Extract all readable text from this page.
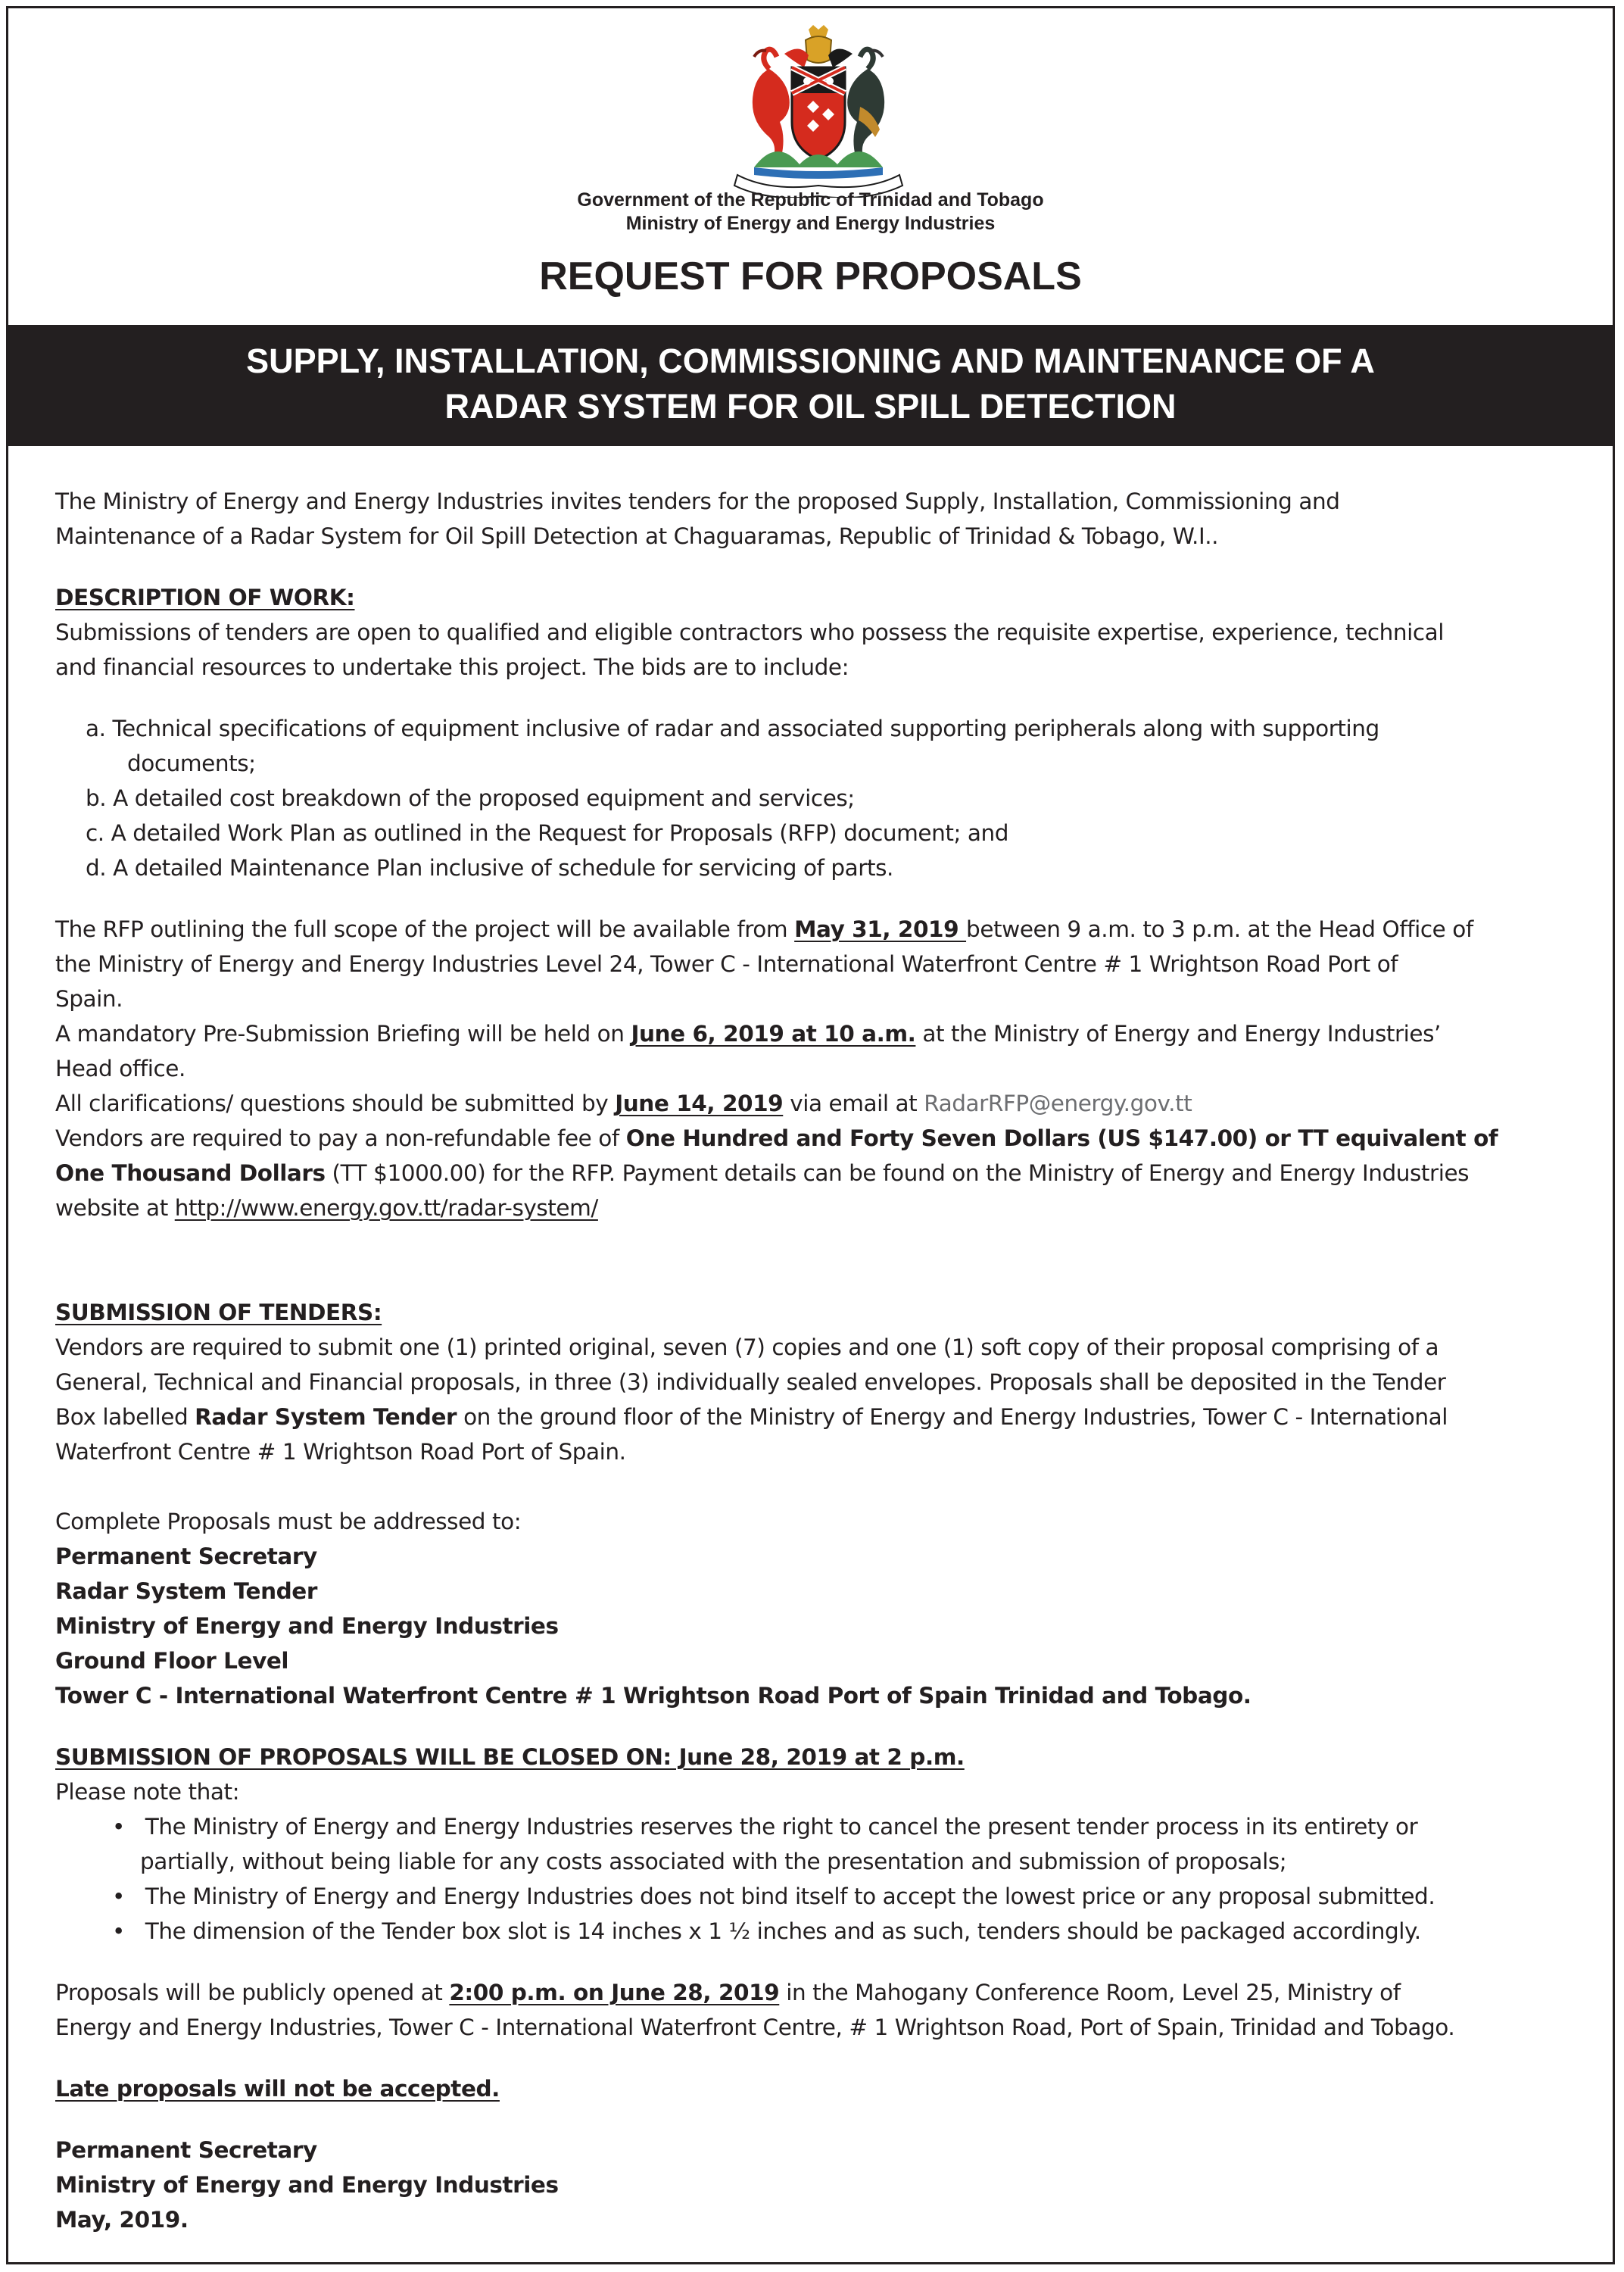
Government of the Republic of Trinidad and Tobago
Ministry of Energy and Energy Industries
REQUEST FOR PROPOSALS
SUPPLY, INSTALLATION, COMMISSIONING AND MAINTENANCE OF A
RADAR SYSTEM FOR OIL SPILL DETECTION
The Ministry of Energy and Energy Industries invites tenders for the proposed Supply, Installation, Commissioning and
Maintenance of a Radar System for Oil Spill Detection at Chaguaramas, Republic of Trinidad & Tobago, W.I..
DESCRIPTION OF WORK:
Submissions of tenders are open to qualified and eligible contractors who possess the requisite expertise, experience, technical
and financial resources to undertake this project. The bids are to include:
a. Technical specifications of equipment inclusive of radar and associated supporting peripherals along with supporting
documents;
b. A detailed cost breakdown of the proposed equipment and services;
c. A detailed Work Plan as outlined in the Request for Proposals (RFP) document; and
d. A detailed Maintenance Plan inclusive of schedule for servicing of parts.
The RFP outlining the full scope of the project will be available from May 31, 2019 between 9 a.m. to 3 p.m. at the Head Office of
the Ministry of Energy and Energy Industries Level 24, Tower C - International Waterfront Centre # 1 Wrightson Road Port of
Spain.
A mandatory Pre-Submission Briefing will be held on June 6, 2019 at 10 a.m. at the Ministry of Energy and Energy Industries’
Head office.
All clarifications/ questions should be submitted by June 14, 2019 via email at RadarRFP@energy.gov.tt
Vendors are required to pay a non-refundable fee of One Hundred and Forty Seven Dollars (US $147.00) or TT equivalent of
One Thousand Dollars (TT $1000.00) for the RFP. Payment details can be found on the Ministry of Energy and Energy Industries
website at http://www.energy.gov.tt/radar-system/
SUBMISSION OF TENDERS:
Vendors are required to submit one (1) printed original, seven (7) copies and one (1) soft copy of their proposal comprising of a
General, Technical and Financial proposals, in three (3) individually sealed envelopes. Proposals shall be deposited in the Tender
Box labelled Radar System Tender on the ground floor of the Ministry of Energy and Energy Industries, Tower C - International
Waterfront Centre # 1 Wrightson Road Port of Spain.
Complete Proposals must be addressed to:
Permanent Secretary
Radar System Tender
Ministry of Energy and Energy Industries
Ground Floor Level
Tower C - International Waterfront Centre # 1 Wrightson Road Port of Spain Trinidad and Tobago.
SUBMISSION OF PROPOSALS WILL BE CLOSED ON: June 28, 2019 at 2 p.m.
Please note that:
• The Ministry of Energy and Energy Industries reserves the right to cancel the present tender process in its entirety or
partially, without being liable for any costs associated with the presentation and submission of proposals;
• The Ministry of Energy and Energy Industries does not bind itself to accept the lowest price or any proposal submitted.
• The dimension of the Tender box slot is 14 inches x 1 ½ inches and as such, tenders should be packaged accordingly.
Proposals will be publicly opened at 2:00 p.m. on June 28, 2019 in the Mahogany Conference Room, Level 25, Ministry of
Energy and Energy Industries, Tower C - International Waterfront Centre, # 1 Wrightson Road, Port of Spain, Trinidad and Tobago.
Late proposals will not be accepted.
Permanent Secretary
Ministry of Energy and Energy Industries
May, 2019.
